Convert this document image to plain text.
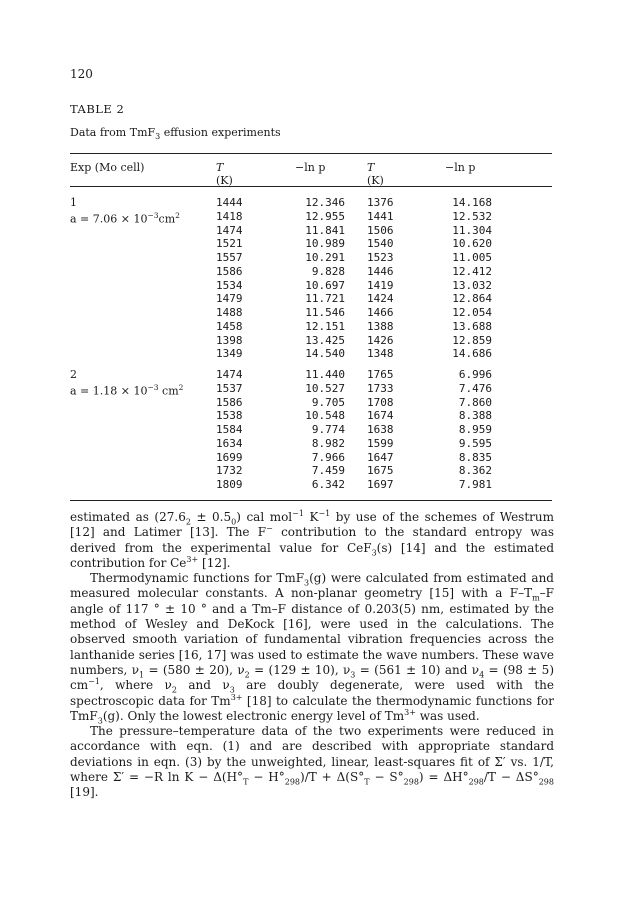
120
TABLE 2
Data from TmF$_3$ effusion experiments
Exp (Mo cell)	T	−ln p	T	−ln p
(K)	(K)
1
$a = 7.06 \times 10^{-3}cm^2$
1444	12.346 1376	14.168
1418	12.955 1441	12.532
1474	11.841 1506	11.304
1521	10.989 1540	10.620
1557	10.291 1523	11.005
1586	9.828 1446	12.412
1534	10.697 1419	13.032
1479	11.721 1424	12.864
1488	11.546 1466	12.054
1458	12.151 1388	13.688
1398	13.425 1426	12.859
1349	14.540 1348	14.686
2
$a = 1.18 \times 10^{-3}$ $cm^2$
1474	11.440 1765	6.996
1537	10.527 1733	7.476
1586	9.705 1708	7.860
1538	10.548 1674	8.388
1584	9.774 1638	8.959
1634	8.982 1599	9.595
1699	7.966 1647	8.835
1732	7.459 1675	8.362
1809	6.342 1697	7.981

estimated as $(27.6_2 \pm 0.5_0)$ cal mol$^{-1}$ $K^{-1}$ by use of the schemes of Westrum [12] and Latimer [13]. The F− contribution to the standard entropy was derived from the experimental value for CeF$_3$(s) [14] and the estimated contribution for $Ce^{3+}$ [12].

Thermodynamic functions for TmF$_3$(g) were calculated from estimated and measured molecular constants. A non-planar geometry [15] with a $F-T_m-F$ angle of 117 ° ± 10 ° and a Tm–F distance of 0.203(5) nm, estimated by the method of Wesley and DeKock [16], were used in the calculations. The observed smooth variation of fundamental vibration frequencies across the lanthanide series [16, 17] was used to estimate the wave numbers. These wave numbers, $\nu_1 = (580 \pm 20)$, $\nu_2 = (129 \pm 10)$, $\nu_3 = (561 \pm 10)$ and $\nu_4 = (98 \pm 5)$ $cm^{-1}$, where $\nu_2$ and $\nu_3$ are doubly degenerate, were used with the spectroscopic data for $Tm^{3+}$ [18] to calculate the thermodynamic functions for TmF$_3$(g). Only the lowest electronic energy level of $Tm^{3+}$ was used.

The pressure–temperature data of the two experiments were reduced in accordance with eqn. (1) and are described with appropriate standard deviations in eqn. (3) by the unweighted, linear, least-squares fit of Σ′ vs. 1/T, where Σ′ = −R $\ln K - \Delta(H^\circ_T - H^\circ_{298})/T + \Delta(S^\circ_T - S^\circ_{298}) = \Delta H^\circ_{298}/T - \Delta S^\circ_{298}$ [19].
